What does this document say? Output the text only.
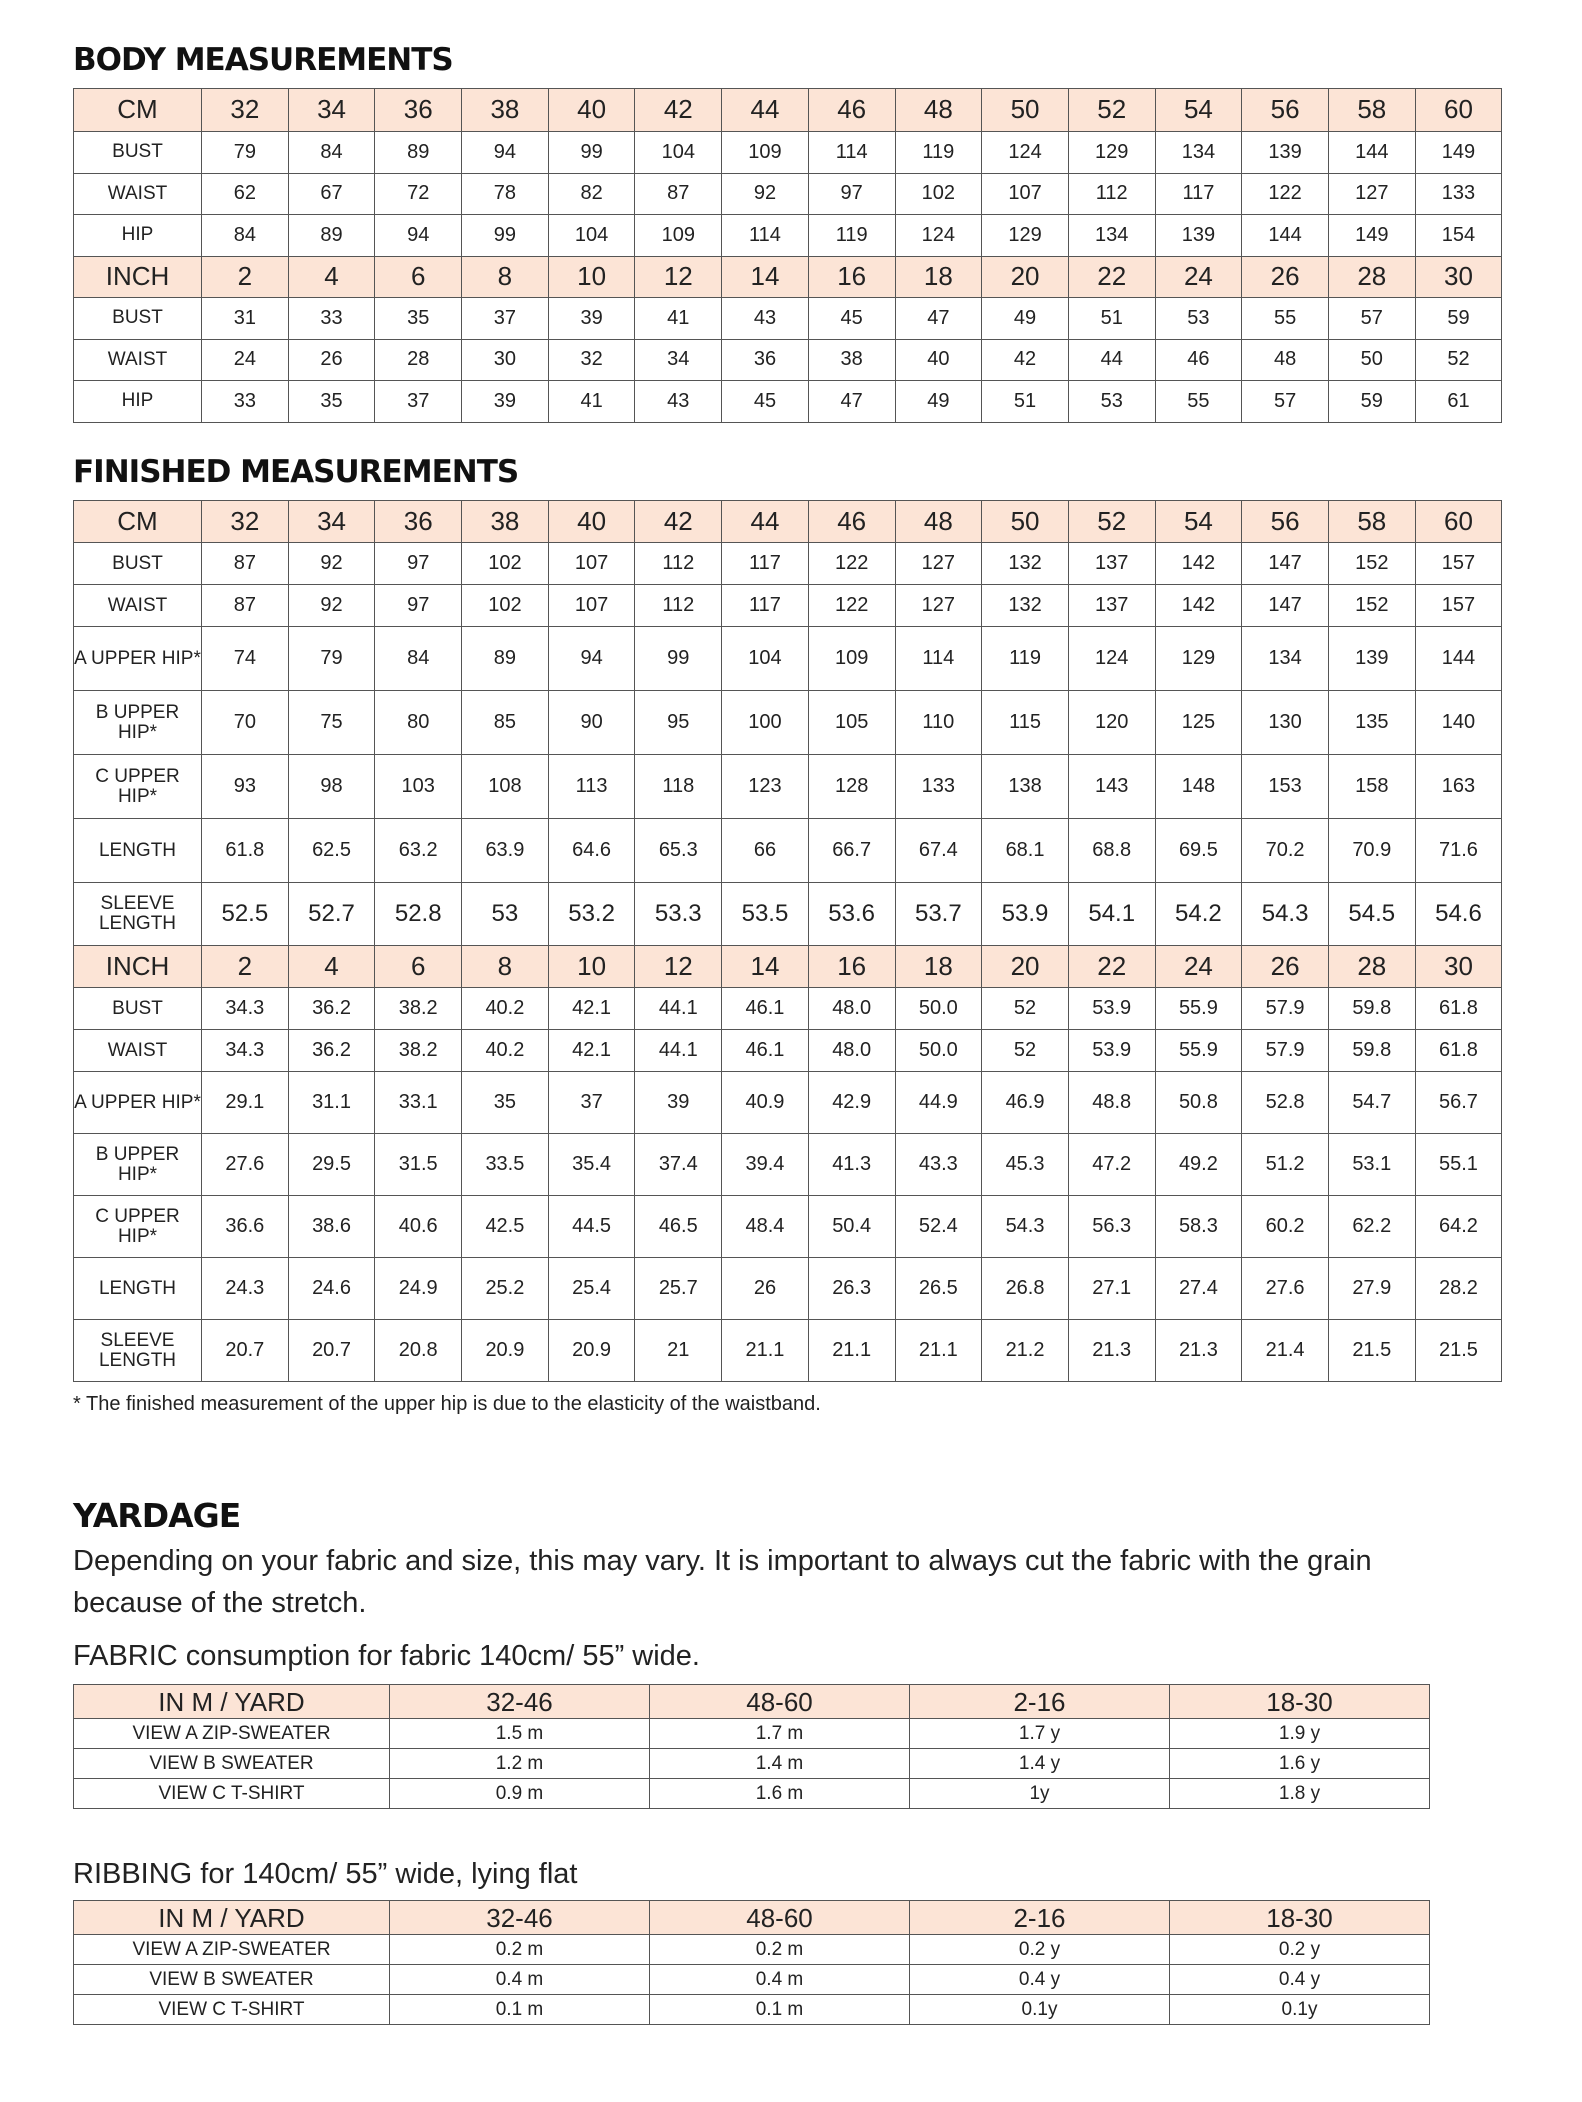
BODY MEASUREMENTS
CM	32	34	36	38	40	42	44	46	48	50	52	54	56	58	60
BUST	79	84	89	94	99	104	109	114	119	124	129	134	139	144	149
WAIST	62	67	72	78	82	87	92	97	102	107	112	117	122	127	133
HIP	84	89	94	99	104	109	114	119	124	129	134	139	144	149	154
INCH	2	4	6	8	10	12	14	16	18	20	22	24	26	28	30
BUST	31	33	35	37	39	41	43	45	47	49	51	53	55	57	59
WAIST	24	26	28	30	32	34	36	38	40	42	44	46	48	50	52
HIP	33	35	37	39	41	43	45	47	49	51	53	55	57	59	61
FINISHED MEASUREMENTS
CM	32	34	36	38	40	42	44	46	48	50	52	54	56	58	60
BUST	87	92	97	102	107	112	117	122	127	132	137	142	147	152	157
WAIST	87	92	97	102	107	112	117	122	127	132	137	142	147	152	157
A UPPER HIP*	74	79	84	89	94	99	104	109	114	119	124	129	134	139	144
B UPPER HIP*	70	75	80	85	90	95	100	105	110	115	120	125	130	135	140
C UPPER HIP*	93	98	103	108	113	118	123	128	133	138	143	148	153	158	163
LENGTH	61.8	62.5	63.2	63.9	64.6	65.3	66	66.7	67.4	68.1	68.8	69.5	70.2	70.9	71.6
SLEEVE LENGTH	52.5	52.7	52.8	53	53.2	53.3	53.5	53.6	53.7	53.9	54.1	54.2	54.3	54.5	54.6
INCH	2	4	6	8	10	12	14	16	18	20	22	24	26	28	30
BUST	34.3	36.2	38.2	40.2	42.1	44.1	46.1	48.0	50.0	52	53.9	55.9	57.9	59.8	61.8
WAIST	34.3	36.2	38.2	40.2	42.1	44.1	46.1	48.0	50.0	52	53.9	55.9	57.9	59.8	61.8
A UPPER HIP*	29.1	31.1	33.1	35	37	39	40.9	42.9	44.9	46.9	48.8	50.8	52.8	54.7	56.7
B UPPER HIP*	27.6	29.5	31.5	33.5	35.4	37.4	39.4	41.3	43.3	45.3	47.2	49.2	51.2	53.1	55.1
C UPPER HIP*	36.6	38.6	40.6	42.5	44.5	46.5	48.4	50.4	52.4	54.3	56.3	58.3	60.2	62.2	64.2
LENGTH	24.3	24.6	24.9	25.2	25.4	25.7	26	26.3	26.5	26.8	27.1	27.4	27.6	27.9	28.2
SLEEVE LENGTH	20.7	20.7	20.8	20.9	20.9	21	21.1	21.1	21.1	21.2	21.3	21.3	21.4	21.5	21.5

* The finished measurement of the upper hip is due to the elasticity of the waistband.

YARDAGE

Depending on your fabric and size, this may vary. It is important to always cut the fabric with the grain because of the stretch.

FABRIC consumption for fabric 140cm/ 55” wide.

IN M / YARD	32-46	48-60	2-16	18-30
VIEW A ZIP-SWEATER	1.5 m	1.7 m	1.7 y	1.9 y
VIEW B SWEATER	1.2 m	1.4 m	1.4 y	1.6 y
VIEW C T-SHIRT	0.9 m	1.6 m	1y	1.8 y

RIBBING for 140cm/ 55” wide, lying flat

IN M / YARD	32-46	48-60	2-16	18-30
VIEW A ZIP-SWEATER	0.2 m	0.2 m	0.2 y	0.2 y
VIEW B SWEATER	0.4 m	0.4 m	0.4 y	0.4 y
VIEW C T-SHIRT	0.1 m	0.1 m	0.1y	0.1y
